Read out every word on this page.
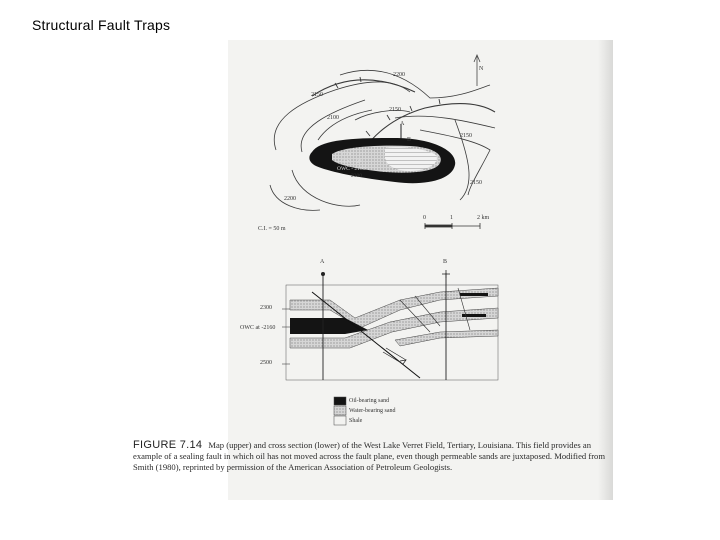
Structural Fault Traps
2200
2150
2100
2150
2150
2150
2200
A
B
GOC - 2?
GOC - 2?
OWC - 2160
2300
N
0	1	2 km
C.I. = 50 m
A	B
2300
2500
OWC at -2160
Oil-bearing sand
Water-bearing sand
Shale
FIGURE 7.14 Map (upper) and cross section (lower) of the West Lake Verret Field, Tertiary, Louisiana. This field provides an example of a sealing fault in which oil has not moved across the fault plane, even though permeable sands are juxtaposed. Modified from Smith (1980), reprinted by permission of the American Association of Petroleum Geologists.
